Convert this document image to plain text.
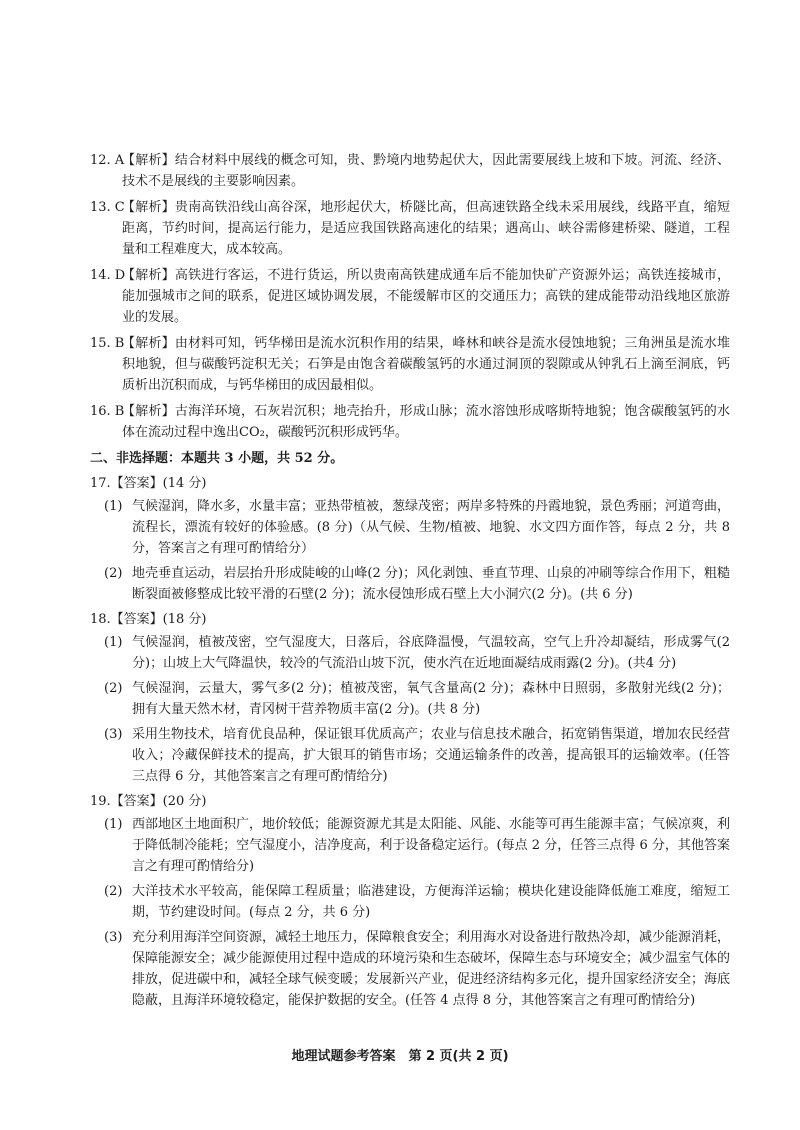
12. A
【解析】结合材料中展线的概念可知，贵、黔境内地势起伏大，因此需要展线上坡和下坡。河流、经济、技术不是展线的主要影响因素。
13. C
【解析】贵南高铁沿线山高谷深，地形起伏大，桥隧比高，但高速铁路全线未采用展线，线路平直，缩短距离，节约时间，提高运行能力，是适应我国铁路高速化的结果；遇高山、峡谷需修建桥梁、隧道，工程量和工程难度大，成本较高。
14. D
【解析】高铁进行客运，不进行货运，所以贵南高铁建成通车后不能加快矿产资源外运；高铁连接城市，能加强城市之间的联系，促进区域协调发展，不能缓解市区的交通压力；高铁的建成能带动沿线地区旅游业的发展。
15. B
【解析】由材料可知，钙华梯田是流水沉积作用的结果，峰林和峡谷是流水侵蚀地貌；三角洲虽是流水堆积地貌，但与碳酸钙淀积无关；石笋是由饱含着碳酸氢钙的水通过洞顶的裂隙或从钟乳石上滴至洞底，钙质析出沉积而成，与钙华梯田的成因最相似。
16. B
【解析】古海洋环境，石灰岩沉积；地壳抬升，形成山脉；流水溶蚀形成喀斯特地貌；饱含碳酸氢钙的水体在流动过程中逸出CO₂，碳酸钙沉积形成钙华。
二、非选择题：本题共 3 小题，共 52 分。
17.【答案】(14 分)
(1) 气候湿润，降水多，水量丰富；亚热带植被，葱绿茂密；两岸多特殊的丹霞地貌，景色秀丽；河道弯曲，流程长，漂流有较好的体验感。(8 分)（从气候、生物/植被、地貌、水文四方面作答，每点 2 分，共 8 分，答案言之有理可酌情给分）
(2) 地壳垂直运动，岩层抬升形成陡峻的山峰(2 分)；风化剥蚀、垂直节理、山泉的冲刷等综合作用下，粗糙断裂面被修整成比较平滑的石壁(2 分)；流水侵蚀形成石壁上大小洞穴(2 分)。(共 6 分)
18.【答案】(18 分)
(1) 气候湿润，植被茂密，空气湿度大，日落后，谷底降温慢，气温较高，空气上升冷却凝结，形成雾气(2 分)；山坡上大气降温快，较冷的气流沿山坡下沉，使水汽在近地面凝结成雨露(2 分)。(共4 分)
(2) 气候湿润，云量大，雾气多(2 分)；植被茂密，氧气含量高(2 分)；森林中日照弱，多散射光线(2 分)；拥有大量天然木材，青冈树干营养物质丰富(2 分)。(共 8 分)
(3) 采用生物技术，培育优良品种，保证银耳优质高产；农业与信息技术融合，拓宽销售渠道，增加农民经营收入；冷藏保鲜技术的提高，扩大银耳的销售市场；交通运输条件的改善，提高银耳的运输效率。(任答三点得 6 分，其他答案言之有理可酌情给分)
19.【答案】(20 分)
(1) 西部地区土地面积广，地价较低；能源资源尤其是太阳能、风能、水能等可再生能源丰富；气候凉爽，利于降低制冷能耗；空气湿度小，洁净度高，利于设备稳定运行。(每点 2 分，任答三点得 6 分，其他答案言之有理可酌情给分)
(2) 大洋技术水平较高，能保障工程质量；临港建设，方便海洋运输；模块化建设能降低施工难度，缩短工期，节约建设时间。(每点 2 分，共 6 分)
(3) 充分利用海洋空间资源，减轻土地压力，保障粮食安全；利用海水对设备进行散热冷却，减少能源消耗，保障能源安全；减少能源使用过程中造成的环境污染和生态破坏，保障生态与环境安全；减少温室气体的排放，促进碳中和，减轻全球气候变暖；发展新兴产业，促进经济结构多元化，提升国家经济安全；海底隐蔽，且海洋环境较稳定，能保护数据的安全。(任答 4 点得 8 分，其他答案言之有理可酌情给分)
地理试题参考答案　第 2 页(共 2 页)
